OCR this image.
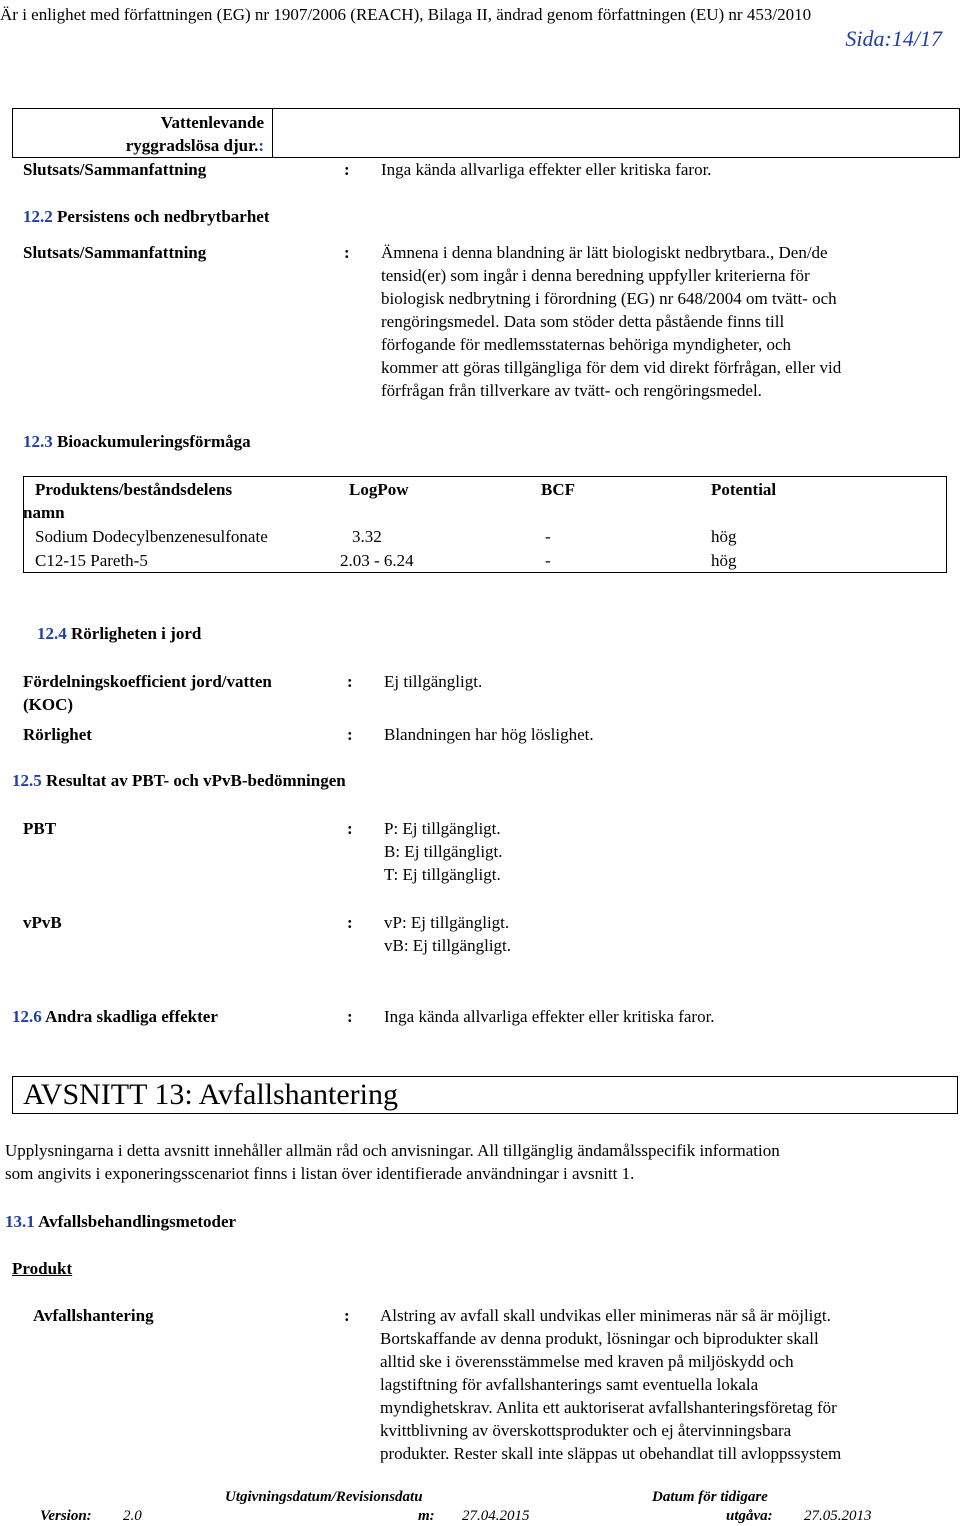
Är i enlighet med författningen (EG) nr 1907/2006 (REACH), Bilaga II, ändrad genom författningen (EU) nr 453/2010
Sida:14/17
Vattenlevande
ryggradslösa djur.:
Slutsats/Sammanfattning	: Inga kända allvarliga effekter eller kritiska faror.
12.2 Persistens och nedbrytbarhet
Slutsats/Sammanfattning	: Ämnena i denna blandning är lätt biologiskt nedbrytbara., Den/de
tensid(er) som ingår i denna beredning uppfyller kriterierna för
biologisk nedbrytning i förordning (EG) nr 648/2004 om tvätt- och
rengöringsmedel. Data som stöder detta påstående finns till
förfogande för medlemsstaternas behöriga myndigheter, och
kommer att göras tillgängliga för dem vid direkt förfrågan, eller vid
förfrågan från tillverkare av tvätt- och rengöringsmedel.
12.3 Bioackumuleringsförmåga
Produktens/beståndsdelens
namn
LogPow	BCF	Potential
Sodium Dodecylbenzenesulfonate	3.32	-	hög
C12-15 Pareth-5	2.03 - 6.24	-	hög
12.4 Rörligheten i jord
Fördelningskoefficient jord/vatten
(KOC)
: Ej tillgängligt.
Rörlighet	: Blandningen har hög löslighet.
12.5 Resultat av PBT- och vPvB-bedömningen
PBT	: P: Ej tillgängligt.
B: Ej tillgängligt.
T: Ej tillgängligt.
vPvB	: vP: Ej tillgängligt.
vB: Ej tillgängligt.
12.6 Andra skadliga effekter	: Inga kända allvarliga effekter eller kritiska faror.
AVSNITT 13: Avfallshantering
Upplysningarna i detta avsnitt innehåller allmän råd och anvisningar. All tillgänglig ändamålsspecifik information
som angivits i exponeringsscenariot finns i listan över identifierade användningar i avsnitt 1.
13.1 Avfallsbehandlingsmetoder
Produkt
Avfallshantering	: Alstring av avfall skall undvikas eller minimeras när så är möjligt.
Bortskaffande av denna produkt, lösningar och biprodukter skall
alltid ske i överensstämmelse med kraven på miljöskydd och
lagstiftning för avfallshanterings samt eventuella lokala
myndighetskrav. Anlita ett auktoriserat avfallshanteringsföretag för
kvittblivning av överskottsprodukter och ej återvinningsbara
produkter. Rester skall inte släppas ut obehandlat till avloppssystem
Version: 2.0
Utgivningsdatum/Revisionsdatu
m: 27.04.2015
Datum för tidigare
utgåva: 27.05.2013
